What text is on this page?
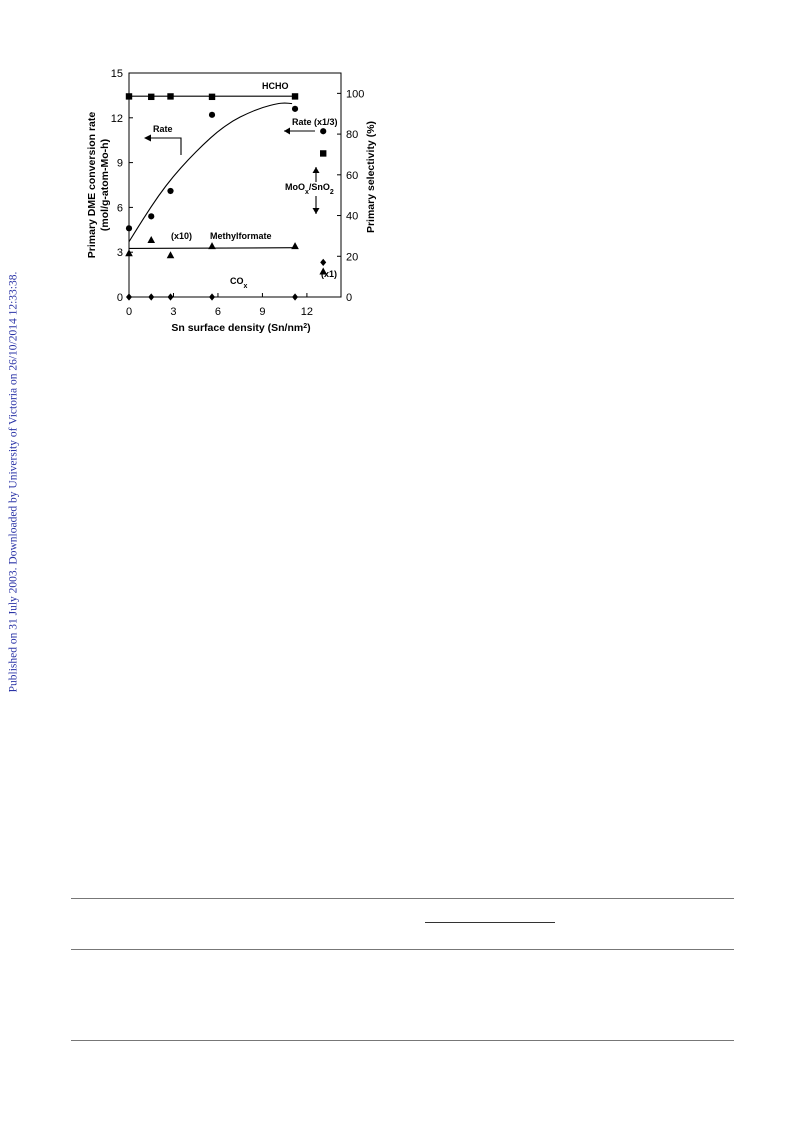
Published on 31 July 2003. Downloaded by University of Victoria on 26/10/2014 12:33:38.	0	3	6	9	12
0
3
6
9
12
15
0
20
40
60
80
100
Sn surface density $(Sn/nm^2)$
Primary DME conversion rate (mol/g-atom-Mo-h)	Primary selectivity (%)
HCHO
Rate
Rate (x1/3)
(x10) Methylformate
$CO_x$
MoO$_x$/SnO$_2$
(x1)
